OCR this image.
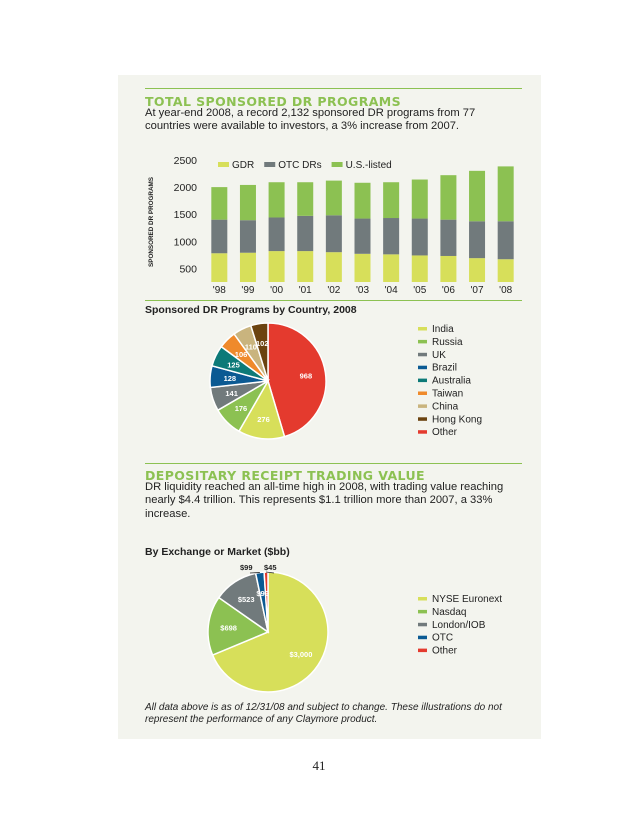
TOTAL SPONSORED DR PROGRAMS

At year-end 2008, a record 2,132 sponsored DR programs from 77 countries were available to investors, a 3% increase from 2007.

SPONSORED DR PROGRAMS
500
1000
1500
2000
2500
'98 '99 '00 '01 '02 '03 '04 '05 '06 '07 '08
GDR OTC DRs U.S.-listed

Sponsored DR Programs by Country, 2008

968
276
176
141
128
125
106
110 102
India
Russia
UK
Brazil
Australia
Taiwan
China
Hong Kong
Other
DEPOSITARY RECEIPT TRADING VALUE

DR liquidity reached an all-time high in 2008, with trading value reaching nearly $4.4 trillion. This represents $1.1 trillion more than 2007, a 33% increase.

By Exchange or Market ($bb)

$3,000
$698
$523
$99
NYSE Euronext
Nasdaq
London/IOB
OTC
Other
$99 $45

All data above is as of 12/31/08 and subject to change. These illustrations do not represent the performance of any Claymore product.

41
